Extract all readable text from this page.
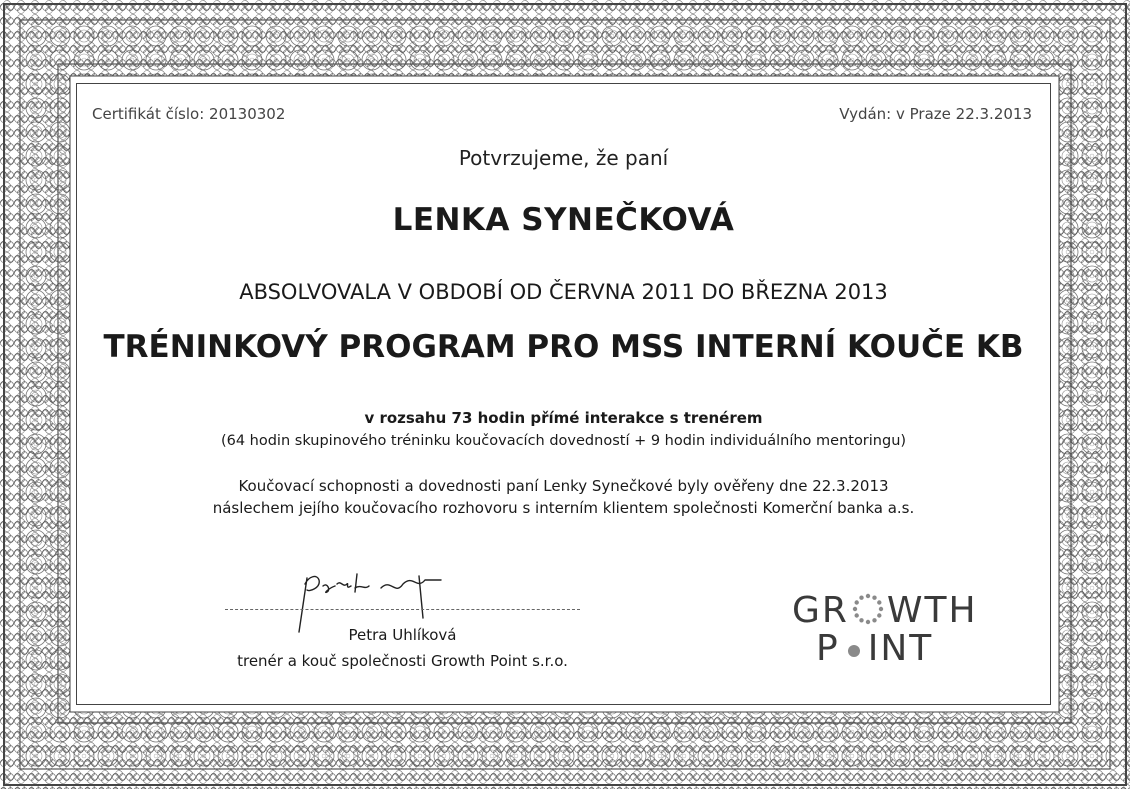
Certifikát číslo: 20130302	Vydán: v Praze 22.3.2013

Potvrzujeme, že paní

LENKA SYNEČKOVÁ

ABSOLVOVALA V OBDOBÍ OD ČERVNA 2011 DO BŘEZNA 2013

TRÉNINKOVÝ PROGRAM PRO MSS INTERNÍ KOUČE KB

v rozsahu 73 hodin přímé interakce s trenérem

(64 hodin skupinového tréninku koučovacích dovedností + 9 hodin individuálního mentoringu)

Koučovací schopnosti a dovednosti paní Lenky Synečkové byly ověřeny dne 22.3.2013

náslechem jejího koučovacího rozhovoru s interním klientem společnosti Komerční banka a.s.

Petra Uhlíková

trenér a kouč společnosti Growth Point s.r.o.

GR WTH
P INT
